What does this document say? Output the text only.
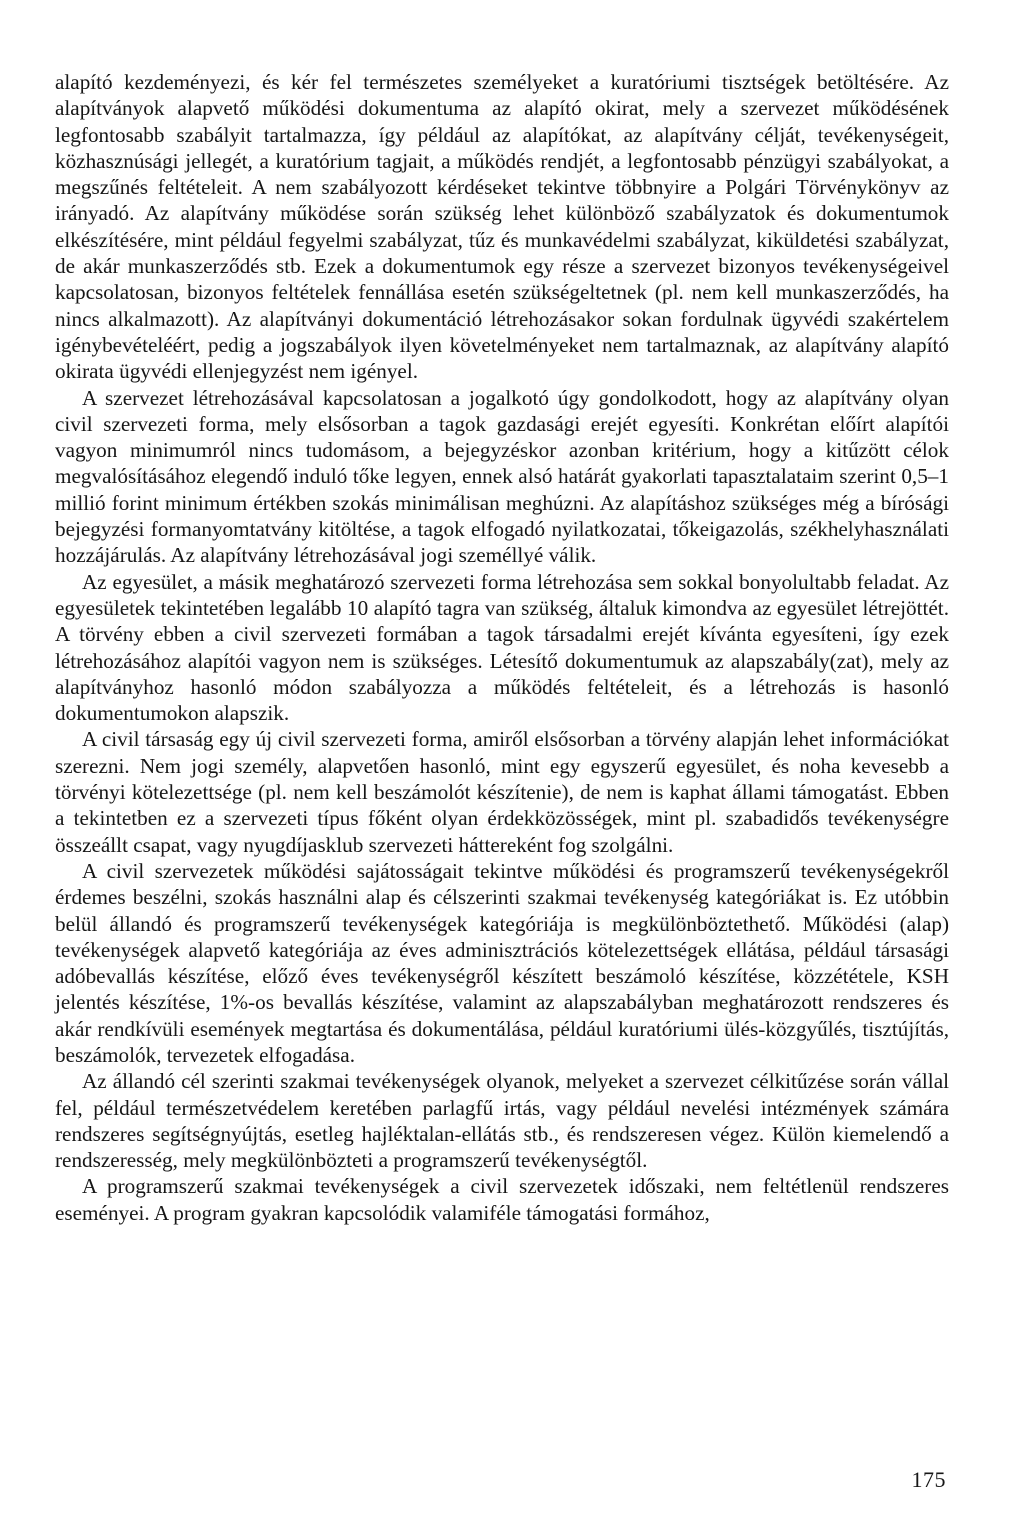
alapító kezdeményezi, és kér fel természetes személyeket a kuratóriumi tisztségek betöltésére. Az alapítványok alapvető működési dokumentuma az alapító okirat, mely a szervezet működésének legfontosabb szabályit tartalmazza, így például az alapítókat, az alapítvány célját, tevékenységeit, közhasznúsági jellegét, a kuratórium tagjait, a működés rendjét, a legfontosabb pénzügyi szabályokat, a megszűnés feltételeit. A nem szabályozott kérdéseket tekintve többnyire a Polgári Törvénykönyv az irányadó. Az alapítvány működése során szükség lehet különböző szabályzatok és dokumentumok elkészítésére, mint például fegyelmi szabályzat, tűz és munkavédelmi szabályzat, kiküldetési szabályzat, de akár munkaszerződés stb. Ezek a dokumentumok egy része a szervezet bizonyos tevékenységeivel kapcsolatosan, bizonyos feltételek fennállása esetén szükségeltetnek (pl. nem kell munkaszerződés, ha nincs alkalmazott). Az alapítványi dokumentáció létrehozásakor sokan fordulnak ügyvédi szakértelem igénybevételéért, pedig a jogszabályok ilyen követelményeket nem tartalmaznak, az alapítvány alapító okirata ügyvédi ellenjegyzést nem igényel.

A szervezet létrehozásával kapcsolatosan a jogalkotó úgy gondolkodott, hogy az alapítvány olyan civil szervezeti forma, mely elsősorban a tagok gazdasági erejét egyesíti. Konkrétan előírt alapítói vagyon minimumról nincs tudomásom, a bejegyzéskor azonban kritérium, hogy a kitűzött célok megvalósításához elegendő induló tőke legyen, ennek alsó határát gyakorlati tapasztalataim szerint 0,5–1 millió forint minimum értékben szokás minimálisan meghúzni. Az alapításhoz szükséges még a bírósági bejegyzési formanyomtatvány kitöltése, a tagok elfogadó nyilatkozatai, tőkeigazolás, székhelyhasználati hozzájárulás. Az alapítvány létrehozásával jogi személlyé válik.

Az egyesület, a másik meghatározó szervezeti forma létrehozása sem sokkal bonyolultabb feladat. Az egyesületek tekintetében legalább 10 alapító tagra van szükség, általuk kimondva az egyesület létrejöttét. A törvény ebben a civil szervezeti formában a tagok társadalmi erejét kívánta egyesíteni, így ezek létrehozásához alapítói vagyon nem is szükséges. Létesítő dokumentumuk az alapszabály(zat), mely az alapítványhoz hasonló módon szabályozza a működés feltételeit, és a létrehozás is hasonló dokumentumokon alapszik.

A civil társaság egy új civil szervezeti forma, amiről elsősorban a törvény alapján lehet információkat szerezni. Nem jogi személy, alapvetően hasonló, mint egy egyszerű egyesület, és noha kevesebb a törvényi kötelezettsége (pl. nem kell beszámolót készítenie), de nem is kaphat állami támogatást. Ebben a tekintetben ez a szervezeti típus főként olyan érdekközösségek, mint pl. szabadidős tevékenységre összeállt csapat, vagy nyugdíjasklub szervezeti háttereként fog szolgálni.

A civil szervezetek működési sajátosságait tekintve működési és programszerű tevékenységekről érdemes beszélni, szokás használni alap és célszerinti szakmai tevékenység kategóriákat is. Ez utóbbin belül állandó és programszerű tevékenységek kategóriája is megkülönböztethető. Működési (alap) tevékenységek alapvető kategóriája az éves adminisztrációs kötelezettségek ellátása, például társasági adóbevallás készítése, előző éves tevékenységről készített beszámoló készítése, közzététele, KSH jelentés készítése, 1%-os bevallás készítése, valamint az alapszabályban meghatározott rendszeres és akár rendkívüli események megtartása és dokumentálása, például kuratóriumi ülés-közgyűlés, tisztújítás, beszámolók, tervezetek elfogadása.

Az állandó cél szerinti szakmai tevékenységek olyanok, melyeket a szervezet célkitűzése során vállal fel, például természetvédelem keretében parlagfű irtás, vagy például nevelési intézmények számára rendszeres segítségnyújtás, esetleg hajléktalan-ellátás stb., és rendszeresen végez. Külön kiemelendő a rendszeresség, mely megkülönbözteti a programszerű tevékenységtől.

A programszerű szakmai tevékenységek a civil szervezetek időszaki, nem feltétlenül rendszeres eseményei. A program gyakran kapcsolódik valamiféle támogatási formához,

175
